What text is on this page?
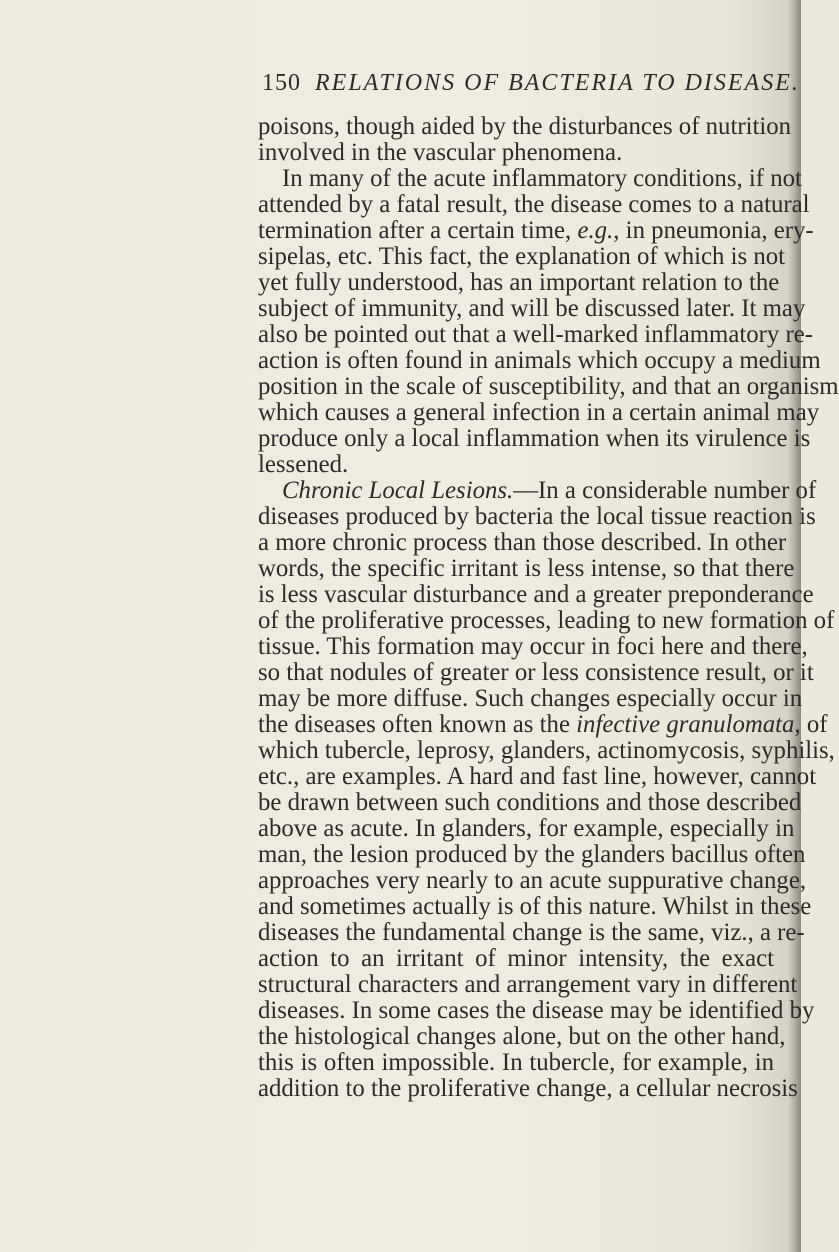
150 RELATIONS OF BACTERIA TO DISEASE.
poisons, though aided by the disturbances of nutrition
involved in the vascular phenomena.
In many of the acute inflammatory conditions, if not
attended by a fatal result, the disease comes to a natural
termination after a certain time, e.g., in pneumonia, ery-
sipelas, etc. This fact, the explanation of which is not
yet fully understood, has an important relation to the
subject of immunity, and will be discussed later. It may
also be pointed out that a well-marked inflammatory re-
action is often found in animals which occupy a medium
position in the scale of susceptibility, and that an organism
which causes a general infection in a certain animal may
produce only a local inflammation when its virulence is
lessened.
Chronic Local Lesions.—In a considerable number of
diseases produced by bacteria the local tissue reaction is
a more chronic process than those described. In other
words, the specific irritant is less intense, so that there
is less vascular disturbance and a greater preponderance
of the proliferative processes, leading to new formation of
tissue. This formation may occur in foci here and there,
so that nodules of greater or less consistence result, or it
may be more diffuse. Such changes especially occur in
the diseases often known as the infective granulomata, of
which tubercle, leprosy, glanders, actinomycosis, syphilis,
etc., are examples. A hard and fast line, however, cannot
be drawn between such conditions and those described
above as acute. In glanders, for example, especially in
man, the lesion produced by the glanders bacillus often
approaches very nearly to an acute suppurative change,
and sometimes actually is of this nature. Whilst in these
diseases the fundamental change is the same, viz., a re-
action to an irritant of minor intensity, the exact
structural characters and arrangement vary in different
diseases. In some cases the disease may be identified by
the histological changes alone, but on the other hand,
this is often impossible. In tubercle, for example, in
addition to the proliferative change, a cellular necrosis
